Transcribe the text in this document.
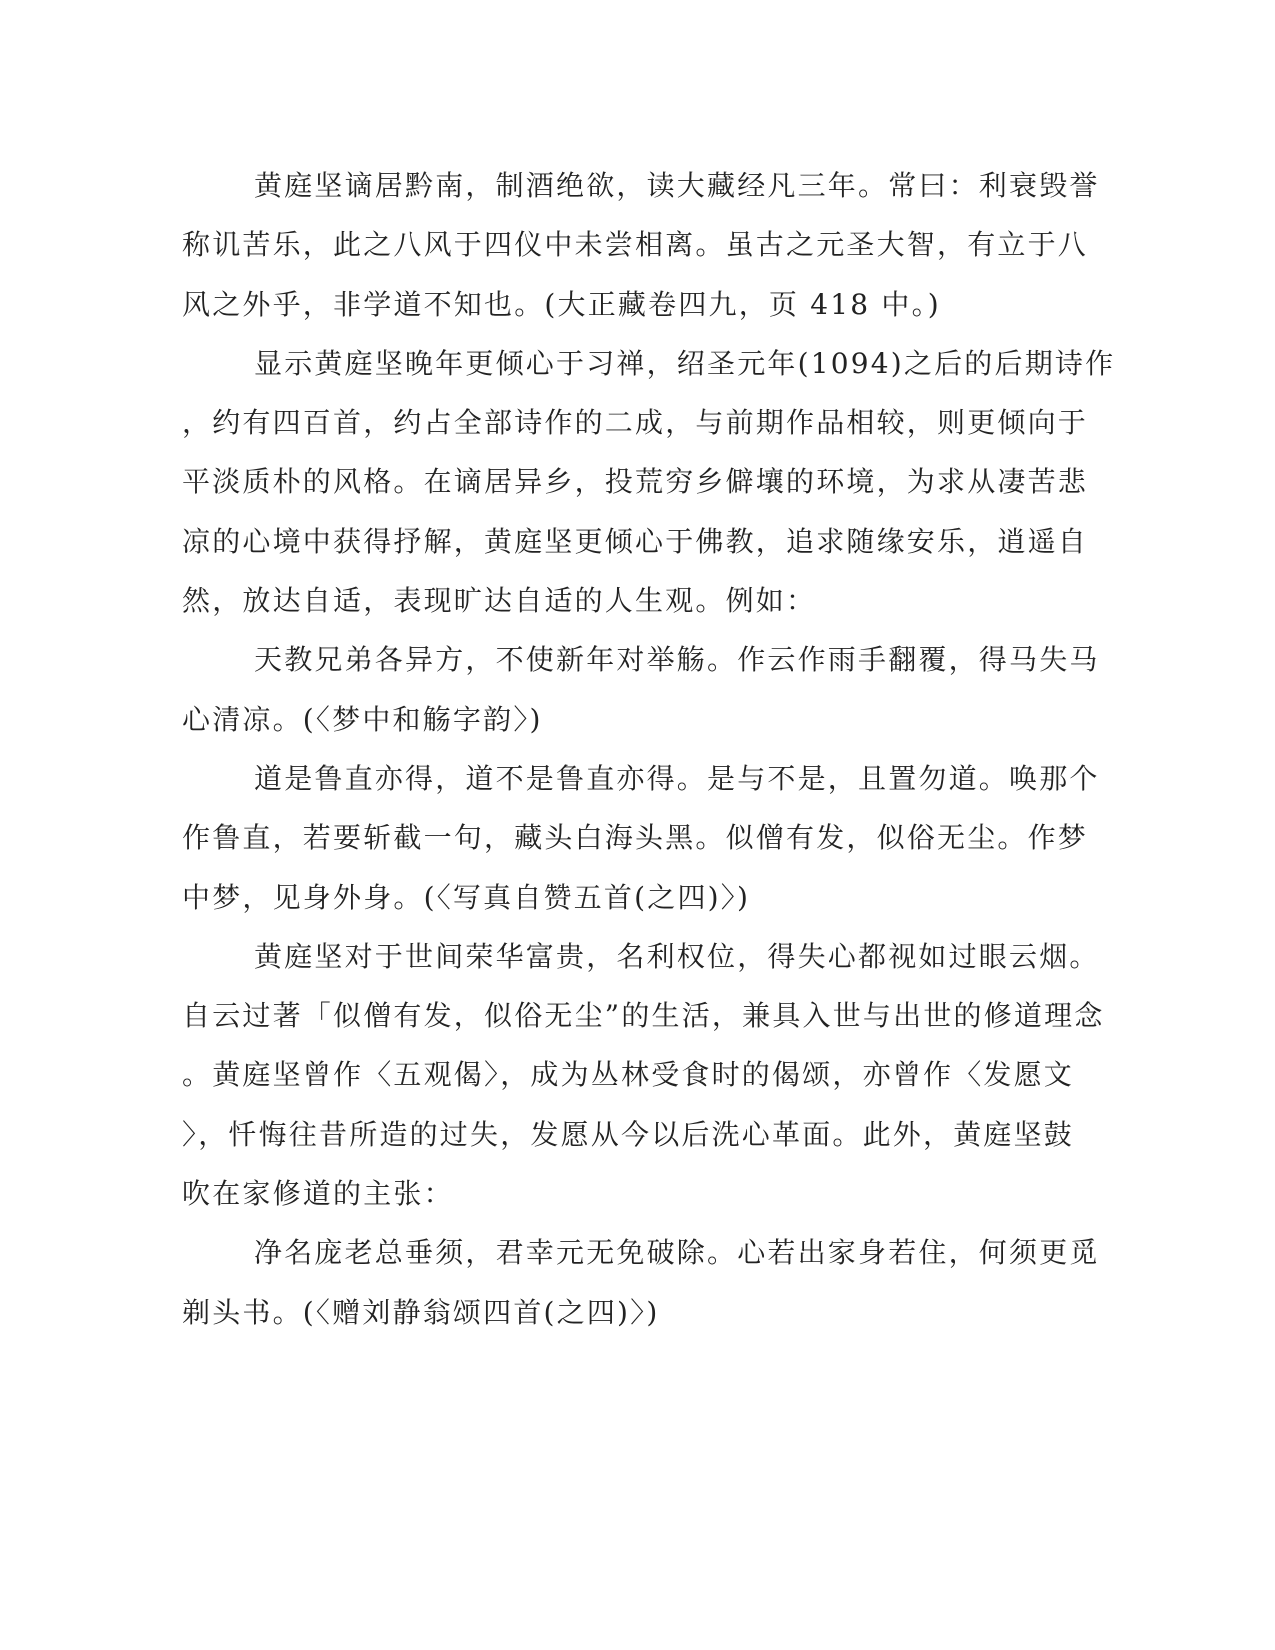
黄庭坚谪居黔南，制酒绝欲，读大藏经凡三年。常曰：利衰毁誉
称讥苦乐，此之八风于四仪中未尝相离。虽古之元圣大智，有立于八
风之外乎，非学道不知也。(大正藏卷四九，页 418 中。)
显示黄庭坚晚年更倾心于习禅，绍圣元年(1094)之后的后期诗作
，约有四百首，约占全部诗作的二成，与前期作品相较，则更倾向于
平淡质朴的风格。在谪居异乡，投荒穷乡僻壤的环境，为求从凄苦悲
凉的心境中获得抒解，黄庭坚更倾心于佛教，追求随缘安乐，逍遥自
然，放达自适，表现旷达自适的人生观。例如：
天教兄弟各异方，不使新年对举觞。作云作雨手翻覆，得马失马
心清凉。(〈梦中和觞字韵〉)
道是鲁直亦得，道不是鲁直亦得。是与不是，且置勿道。唤那个
作鲁直，若要斩截一句，藏头白海头黑。似僧有发，似俗无尘。作梦
中梦，见身外身。(〈写真自赞五首(之四)〉)
黄庭坚对于世间荣华富贵，名利权位，得失心都视如过眼云烟。
自云过著「似僧有发，似俗无尘”的生活，兼具入世与出世的修道理念
。黄庭坚曾作〈五观偈〉，成为丛林受食时的偈颂，亦曾作〈发愿文
〉，忏悔往昔所造的过失，发愿从今以后洗心革面。此外，黄庭坚鼓
吹在家修道的主张：
净名庞老总垂须，君幸元无免破除。心若出家身若住，何须更觅
剃头书。(〈赠刘静翁颂四首(之四)〉)
